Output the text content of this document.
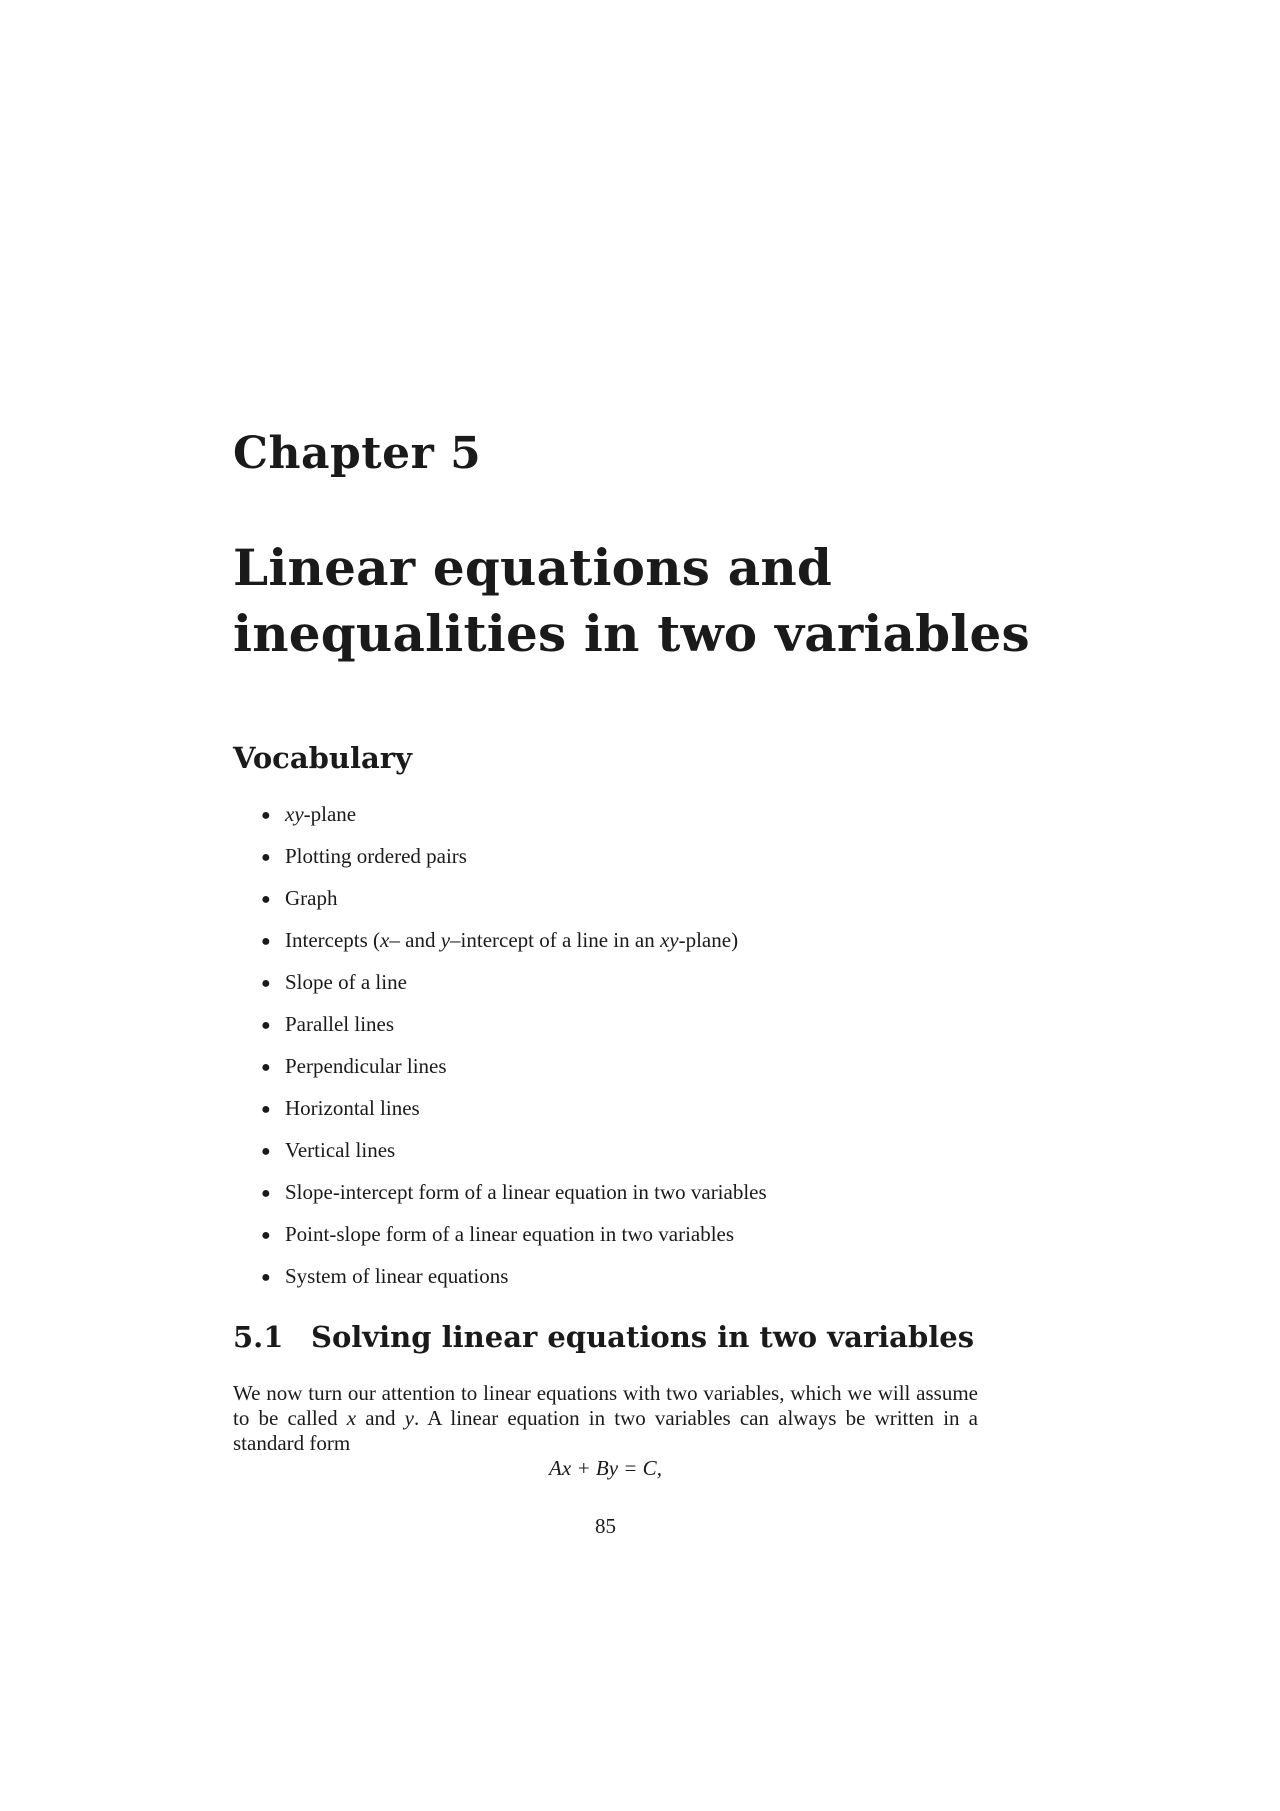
Chapter 5
Linear equations and inequalities in two variables
Vocabulary
● xy-plane
● Plotting ordered pairs
● Graph
● Intercepts (x– and y–intercept of a line in an xy-plane)
● Slope of a line
● Parallel lines
● Perpendicular lines
● Horizontal lines
● Vertical lines
● Slope-intercept form of a linear equation in two variables
● Point-slope form of a linear equation in two variables
● System of linear equations
5.1 Solving linear equations in two variables
We now turn our attention to linear equations with two variables, which we will assume to be called x and y. A linear equation in two variables can always be written in a standard form
Ax + By = C,
85
